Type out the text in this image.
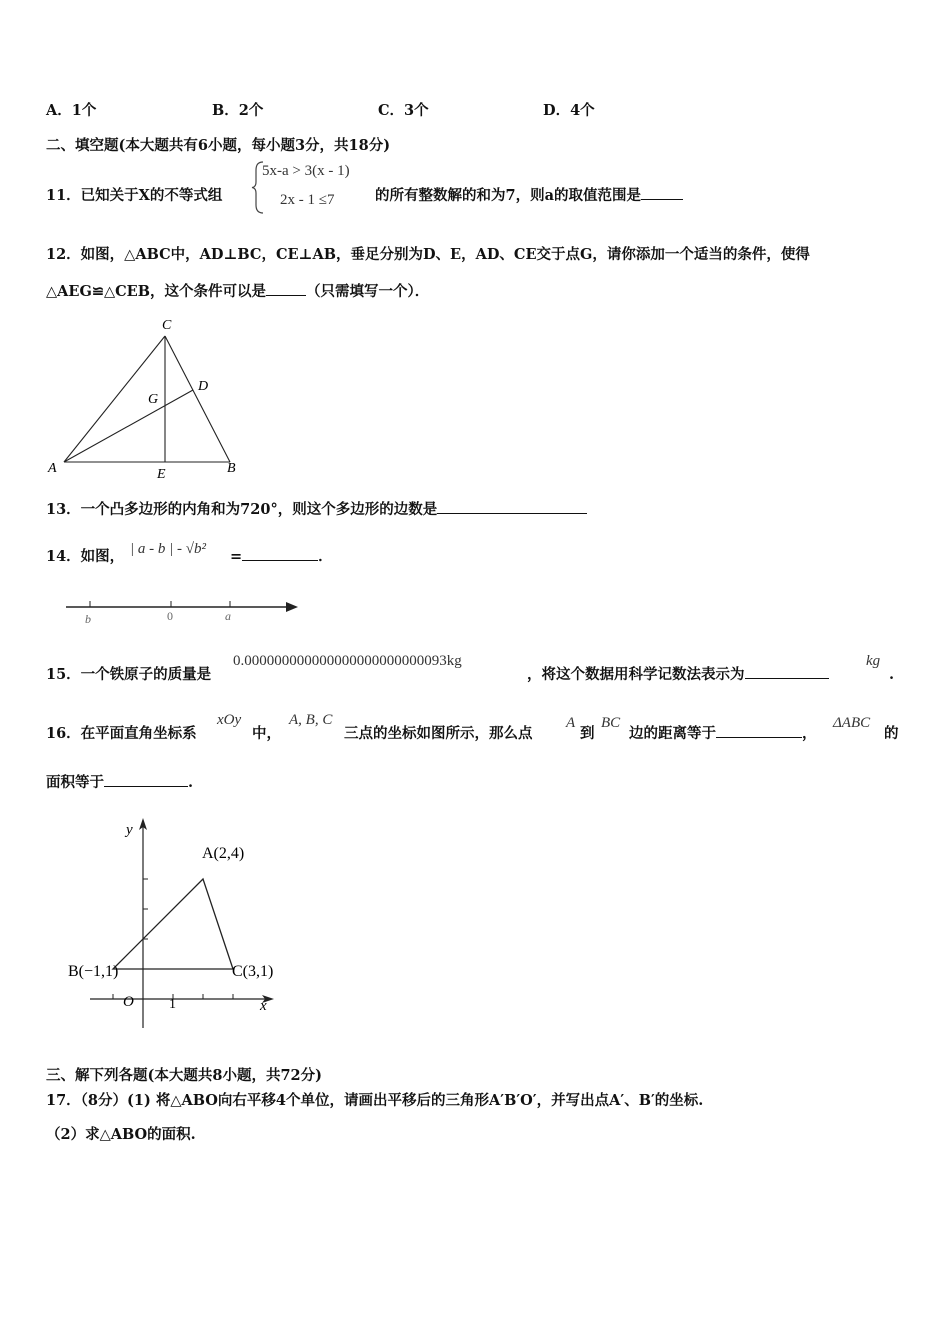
A．1个	B．2个	C．3个	D．4个
二、填空题(本大题共有6小题，每小题3分，共18分)
11．已知关于X的不等式组
5x-a > 3(x - 1)
2x - 1 ≤7	的所有整数解的和为7，则a的取值范围是
12．如图，△ABC中，AD⊥BC，CE⊥AB，垂足分别为D、E，AD、CE交于点G，请你添加一个适当的条件，使得
△AEG≌△CEB，这个条件可以是	（只需填写一个）．
C
D
G
A	E	B
13．一个凸多边形的内角和为720°，则这个多边形的边数是
14．如图， | a - b | - √b² =	．
b	0	a
15．一个铁原子的质量是
0.000000000000000000000000093kg
，将这个数据用科学记数法表示为
kg
.
16．在平面直角坐标系
xOy
中，
A, B, C
三点的坐标如图所示，那么点
A
到
BC
边的距离等于	，
ΔABC
的
面积等于	.
y
x
O	1
A(2,4)
B(−1,1)	C(3,1)
三、解下列各题(本大题共8小题，共72分)
17．（8分）(1) 将△ABO向右平移4个单位，请画出平移后的三角形A′B′O′，并写出点A′、B′的坐标.
（2）求△ABO的面积.
